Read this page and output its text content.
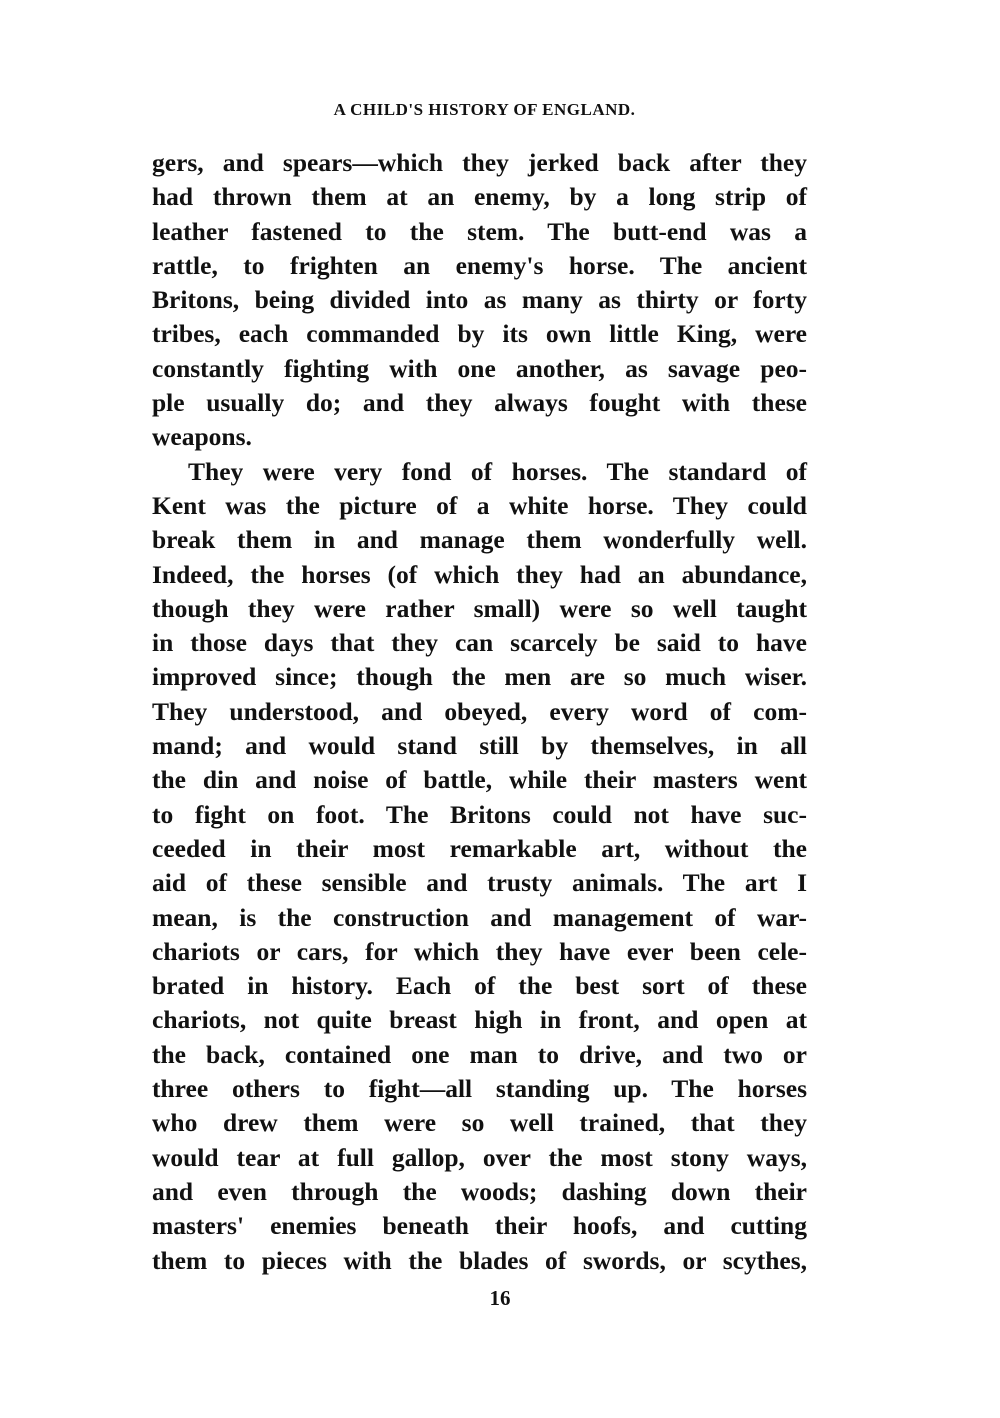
A CHILD'S HISTORY OF ENGLAND.
gers, and spears—which they jerked back after they
had thrown them at an enemy, by a long strip of
leather fastened to the stem. The butt-end was a
rattle, to frighten an enemy's horse. The ancient
Britons, being divided into as many as thirty or forty
tribes, each commanded by its own little King, were
constantly fighting with one another, as savage peo-
ple usually do; and they always fought with these
weapons.
They were very fond of horses. The standard of
Kent was the picture of a white horse. They could
break them in and manage them wonderfully well.
Indeed, the horses (of which they had an abundance,
though they were rather small) were so well taught
in those days that they can scarcely be said to have
improved since; though the men are so much wiser.
They understood, and obeyed, every word of com-
mand; and would stand still by themselves, in all
the din and noise of battle, while their masters went
to fight on foot. The Britons could not have suc-
ceeded in their most remarkable art, without the
aid of these sensible and trusty animals. The art I
mean, is the construction and management of war-
chariots or cars, for which they have ever been cele-
brated in history. Each of the best sort of these
chariots, not quite breast high in front, and open at
the back, contained one man to drive, and two or
three others to fight—all standing up. The horses
who drew them were so well trained, that they
would tear at full gallop, over the most stony ways,
and even through the woods; dashing down their
masters' enemies beneath their hoofs, and cutting
them to pieces with the blades of swords, or scythes,
16
